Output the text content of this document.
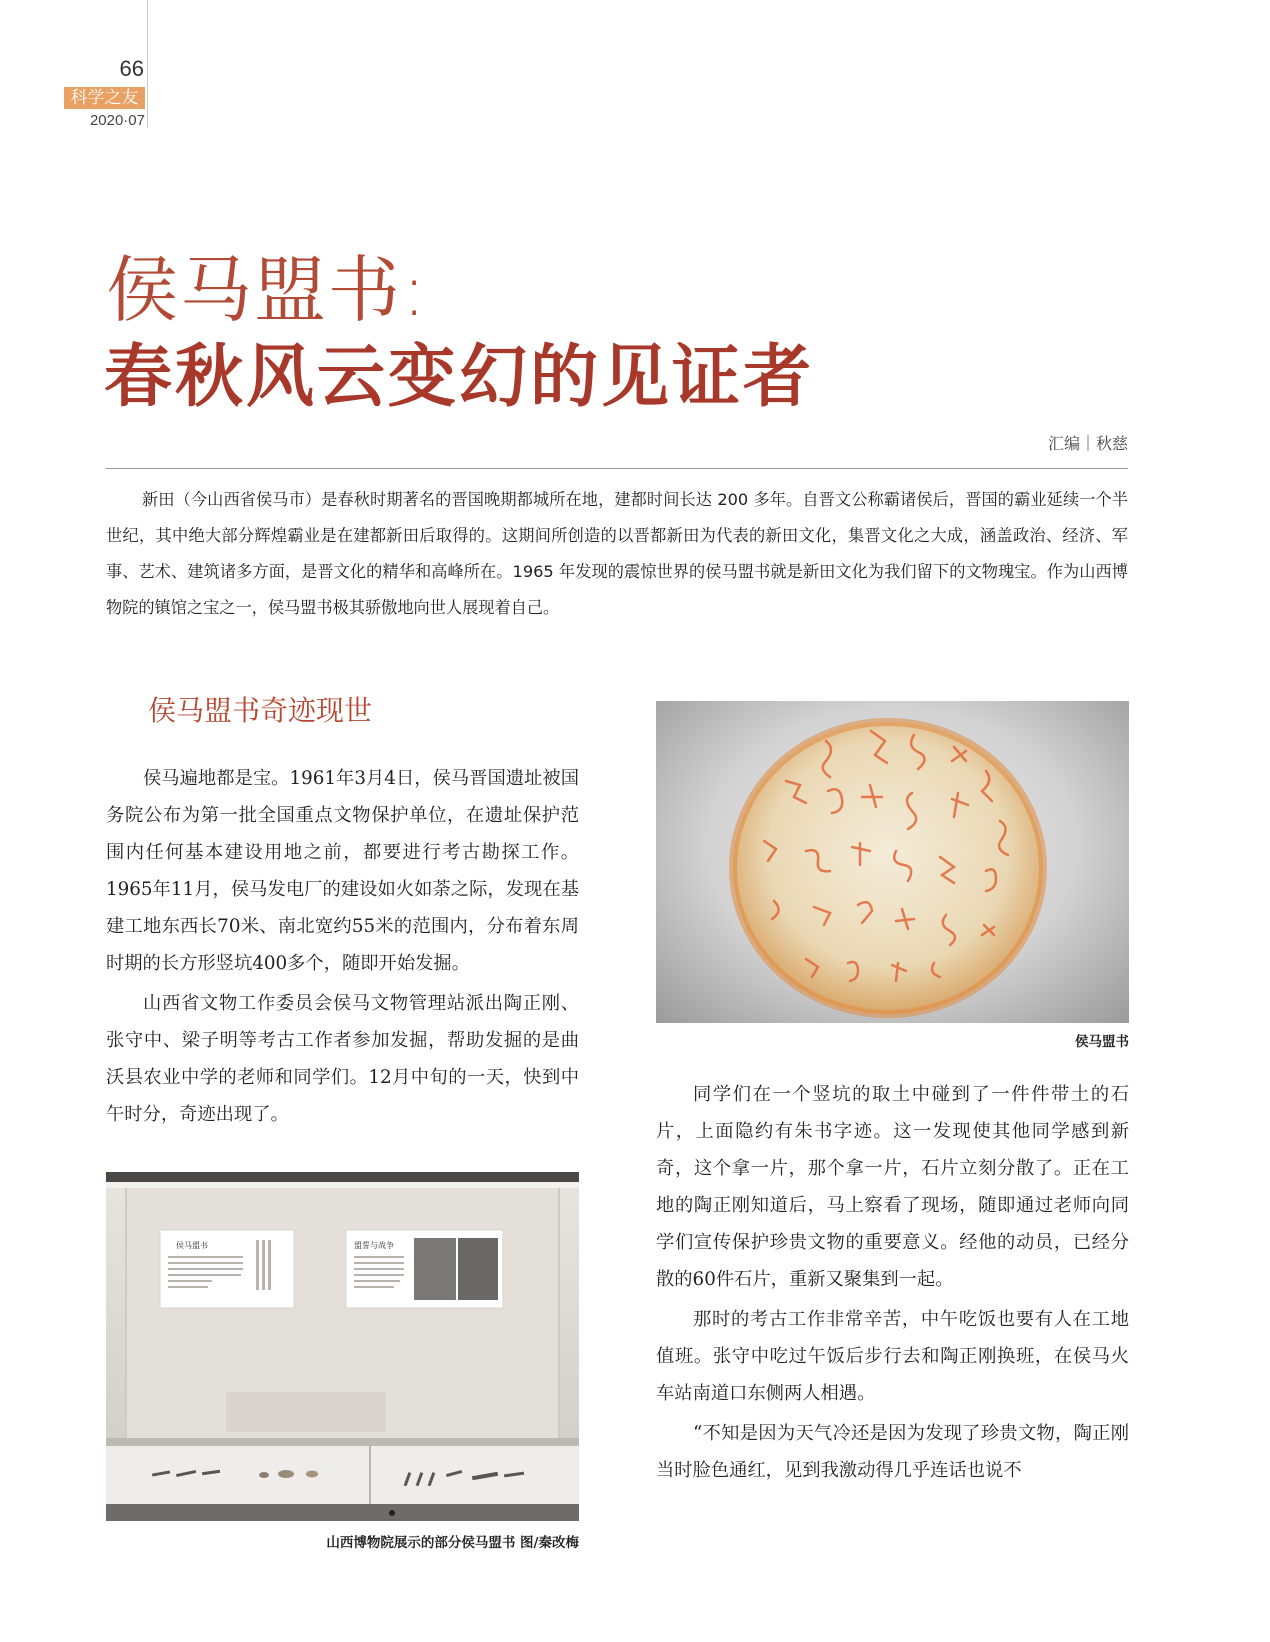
66
科学之友
2020·07
侯马盟书:
春秋风云变幻的见证者
汇编｜秋慈

新田（今山西省侯马市）是春秋时期著名的晋国晚期都城所在地，建都时间长达 200 多年。自晋文公称霸诸侯后，晋国的霸业延续一个半世纪，其中绝大部分辉煌霸业是在建都新田后取得的。这期间所创造的以晋都新田为代表的新田文化，集晋文化之大成，涵盖政治、经济、军事、艺术、建筑诸多方面，是晋文化的精华和高峰所在。1965 年发现的震惊世界的侯马盟书就是新田文化为我们留下的文物瑰宝。作为山西博物院的镇馆之宝之一，侯马盟书极其骄傲地向世人展现着自己。

侯马盟书奇迹现世

侯马遍地都是宝。1961年3月4日，侯马晋国遗址被国务院公布为第一批全国重点文物保护单位，在遗址保护范围内任何基本建设用地之前，都要进行考古勘探工作。1965年11月，侯马发电厂的建设如火如荼之际，发现在基建工地东西长70米、南北宽约55米的范围内，分布着东周时期的长方形竖坑400多个，随即开始发掘。

山西省文物工作委员会侯马文物管理站派出陶正刚、张守中、梁子明等考古工作者参加发掘，帮助发掘的是曲沃县农业中学的老师和同学们。12月中旬的一天，快到中午时分，奇迹出现了。

侯马盟书	盟誓与战争
山西博物院展示的部分侯马盟书 图/秦改梅
侯马盟书

同学们在一个竖坑的取土中碰到了一件件带土的石片，上面隐约有朱书字迹。这一发现使其他同学感到新奇，这个拿一片，那个拿一片，石片立刻分散了。正在工地的陶正刚知道后，马上察看了现场，随即通过老师向同学们宣传保护珍贵文物的重要意义。经他的动员，已经分散的60件石片，重新又聚集到一起。

那时的考古工作非常辛苦，中午吃饭也要有人在工地值班。张守中吃过午饭后步行去和陶正刚换班，在侯马火车站南道口东侧两人相遇。

“不知是因为天气冷还是因为发现了珍贵文物，陶正刚当时脸色通红，见到我激动得几乎连话也说不
